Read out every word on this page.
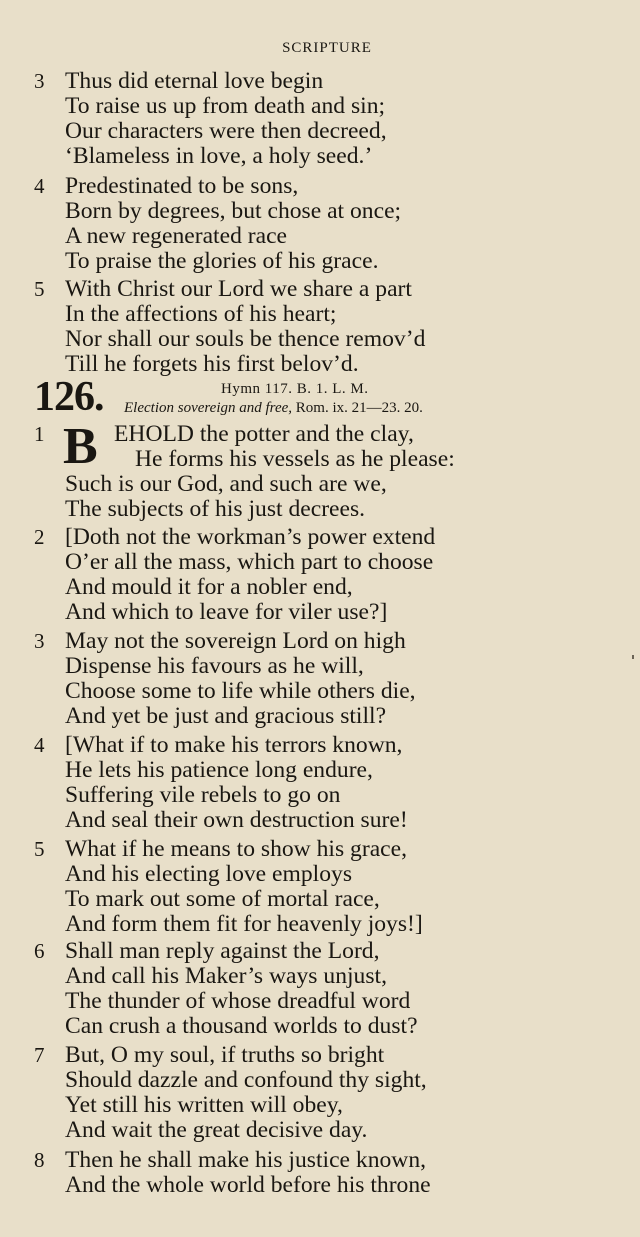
SCRIPTURE
3 Thus did eternal love begin
To raise us up from death and sin;
Our characters were then decreed,
‘Blameless in love, a holy seed.’
4 Predestinated to be sons,
Born by degrees, but chose at once;
A new regenerated race
To praise the glories of his grace.
5 With Christ our Lord we share a part
In the affections of his heart;
Nor shall our souls be thence remov’d
Till he forgets his first belov’d.
126.	Hymn 117. B. 1. L. M.
Election sovereign and free, Rom. ix. 21—23. 20.
B
1	EHOLD the potter and the clay,
He forms his vessels as he please:
Such is our God, and such are we,
The subjects of his just decrees.
2 [Doth not the workman’s power extend
O’er all the mass, which part to choose
And mould it for a nobler end,
And which to leave for viler use?]
3 May not the sovereign Lord on high
Dispense his favours as he will,
Choose some to life while others die,
And yet be just and gracious still?
4 [What if to make his terrors known,
He lets his patience long endure,
Suffering vile rebels to go on
And seal their own destruction sure!
5 What if he means to show his grace,
And his electing love employs
To mark out some of mortal race,
And form them fit for heavenly joys!]
6 Shall man reply against the Lord,
And call his Maker’s ways unjust,
The thunder of whose dreadful word
Can crush a thousand worlds to dust?
7 But, O my soul, if truths so bright
Should dazzle and confound thy sight,
Yet still his written will obey,
And wait the great decisive day.
8 Then he shall make his justice known,
And the whole world before his throne
